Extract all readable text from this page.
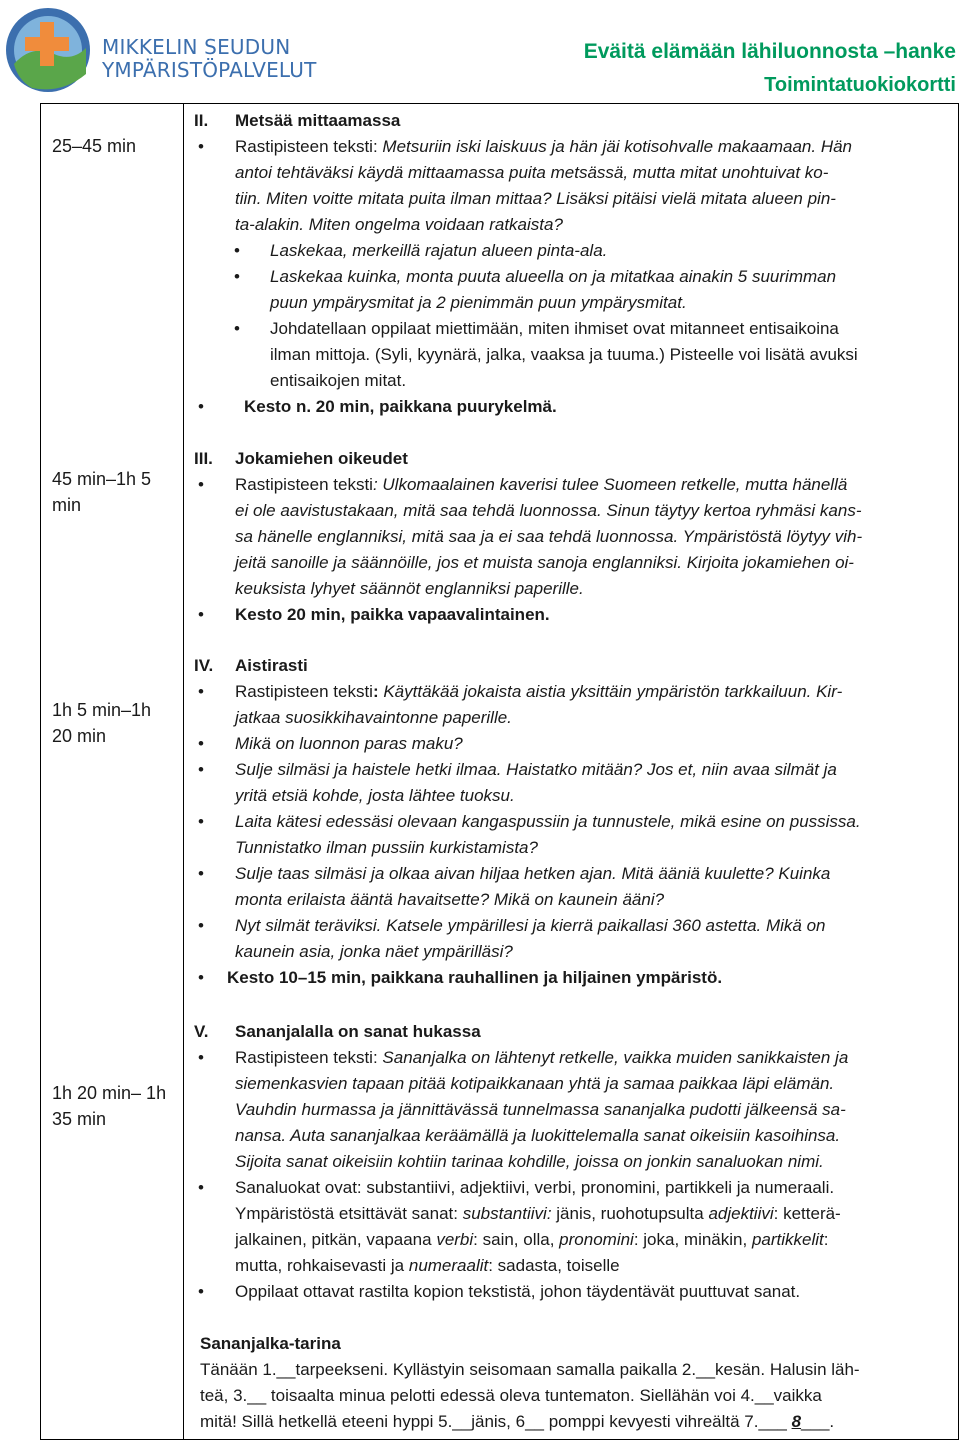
MIKKELIN SEUDUN
YMPÄRISTÖPALVELUT
Eväitä elämään lähiluonnosta –hanke
Toimintatuokiokortti
25–45 min
45 min–1h 5
min
1h 5 min–1h
20 min
1h 20 min– 1h
35 min
II. Metsää mittaamassa
• Rastipisteen teksti: Metsuriin iski laiskuus ja hän jäi kotisohvalle makaamaan. Hän
antoi tehtäväksi käydä mittaamassa puita metsässä, mutta mitat unohtuivat ko-
tiin. Miten voitte mitata puita ilman mittaa? Lisäksi pitäisi vielä mitata alueen pin-
ta-alakin. Miten ongelma voidaan ratkaista?
• Laskekaa, merkeillä rajatun alueen pinta-ala.
• Laskekaa kuinka, monta puuta alueella on ja mitatkaa ainakin 5 suurimman
puun ympärysmitat ja 2 pienimmän puun ympärysmitat.
• Johdatellaan oppilaat miettimään, miten ihmiset ovat mitanneet entisaikoina
ilman mittoja. (Syli, kyynärä, jalka, vaaksa ja tuuma.) Pisteelle voi lisätä avuksi
entisaikojen mitat.
• Kesto n. 20 min, paikkana puurykelmä.
III. Jokamiehen oikeudet
• Rastipisteen teksti: Ulkomaalainen kaverisi tulee Suomeen retkelle, mutta hänellä
ei ole aavistustakaan, mitä saa tehdä luonnossa. Sinun täytyy kertoa ryhmäsi kans-
sa hänelle englanniksi, mitä saa ja ei saa tehdä luonnossa. Ympäristöstä löytyy vih-
jeitä sanoille ja säännöille, jos et muista sanoja englanniksi. Kirjoita jokamiehen oi-
keuksista lyhyet säännöt englanniksi paperille.
• Kesto 20 min, paikka vapaavalintainen.
IV. Aistirasti
• Rastipisteen teksti: Käyttäkää jokaista aistia yksittäin ympäristön tarkkailuun. Kir-
jatkaa suosikkihavaintonne paperille.
• Mikä on luonnon paras maku?
• Sulje silmäsi ja haistele hetki ilmaa. Haistatko mitään? Jos et, niin avaa silmät ja
yritä etsiä kohde, josta lähtee tuoksu.
• Laita kätesi edessäsi olevaan kangaspussiin ja tunnustele, mikä esine on pussissa.
Tunnistatko ilman pussiin kurkistamista?
• Sulje taas silmäsi ja olkaa aivan hiljaa hetken ajan. Mitä ääniä kuulette? Kuinka
monta erilaista ääntä havaitsette? Mikä on kaunein ääni?
• Nyt silmät teräviksi. Katsele ympärillesi ja kierrä paikallasi 360 astetta. Mikä on
kaunein asia, jonka näet ympärilläsi?
• Kesto 10–15 min, paikkana rauhallinen ja hiljainen ympäristö.
V. Sananjalalla on sanat hukassa
• Rastipisteen teksti: Sananjalka on lähtenyt retkelle, vaikka muiden sanikkaisten ja
siemenkasvien tapaan pitää kotipaikkanaan yhtä ja samaa paikkaa läpi elämän.
Vauhdin hurmassa ja jännittävässä tunnelmassa sananjalka pudotti jälkeensä sa-
nansa. Auta sananjalkaa keräämällä ja luokittelemalla sanat oikeisiin kasoihinsa.
Sijoita sanat oikeisiin kohtiin tarinaa kohdille, joissa on jonkin sanaluokan nimi.
• Sanaluokat ovat: substantiivi, adjektiivi, verbi, pronomini, partikkeli ja numeraali.
Ympäristöstä etsittävät sanat: substantiivi: jänis, ruohotupsulta adjektiivi: ketterä-
jalkainen, pitkän, vapaana verbi: sain, olla, pronomini: joka, minäkin, partikkelit:
mutta, rohkaisevasti ja numeraalit: sadasta, toiselle
• Oppilaat ottavat rastilta kopion tekstistä, johon täydentävät puuttuvat sanat.
Sananjalka-tarina
Tänään 1.__tarpeekseni. Kyllästyin seisomaan samalla paikalla 2.__kesän. Halusin läh-
teä, 3.__ toisaalta minua pelotti edessä oleva tuntematon. Siellähän voi 4.__vaikka
mitä! Sillä hetkellä eteeni hyppi 5.__jänis, 6__ pomppi kevyesti vihreältä 7.___ 8___.
